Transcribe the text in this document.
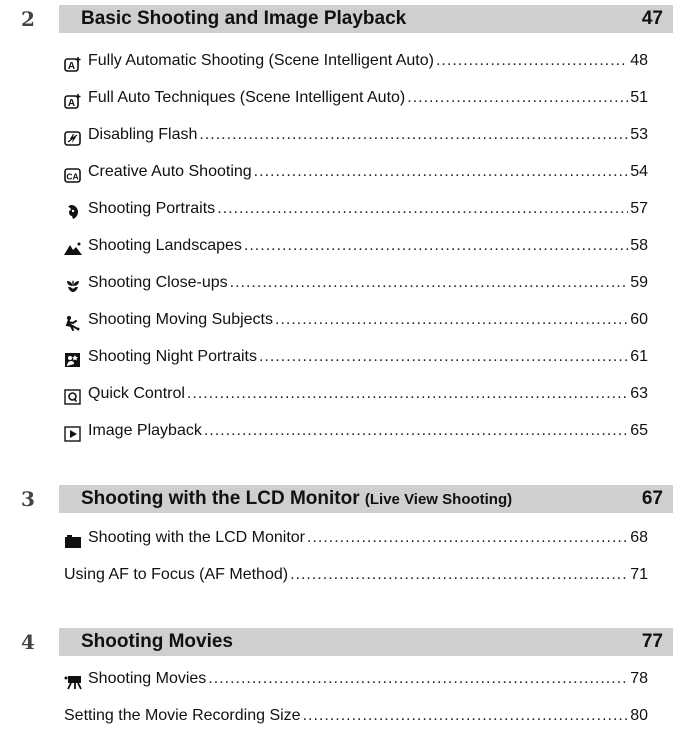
2	Basic Shooting and Image Playback	47
A Fully Automatic Shooting (Scene Intelligent Auto) .....	48
A Full Auto Techniques (Scene Intelligent Auto) .....	51
Disabling Flash .....	53
CA Creative Auto Shooting .....	54
Shooting Portraits .....	57
Shooting Landscapes .....	58
Shooting Close-ups .....	59
Shooting Moving Subjects .....	60
Shooting Night Portraits .....	61
Quick Control .....	63
Image Playback .....	65
3	Shooting with the LCD Monitor (Live View Shooting)	67
Shooting with the LCD Monitor .....	68
Using AF to Focus (AF Method) .....	71
4	Shooting Movies	77
Shooting Movies .....	78
Setting the Movie Recording Size .....	80
